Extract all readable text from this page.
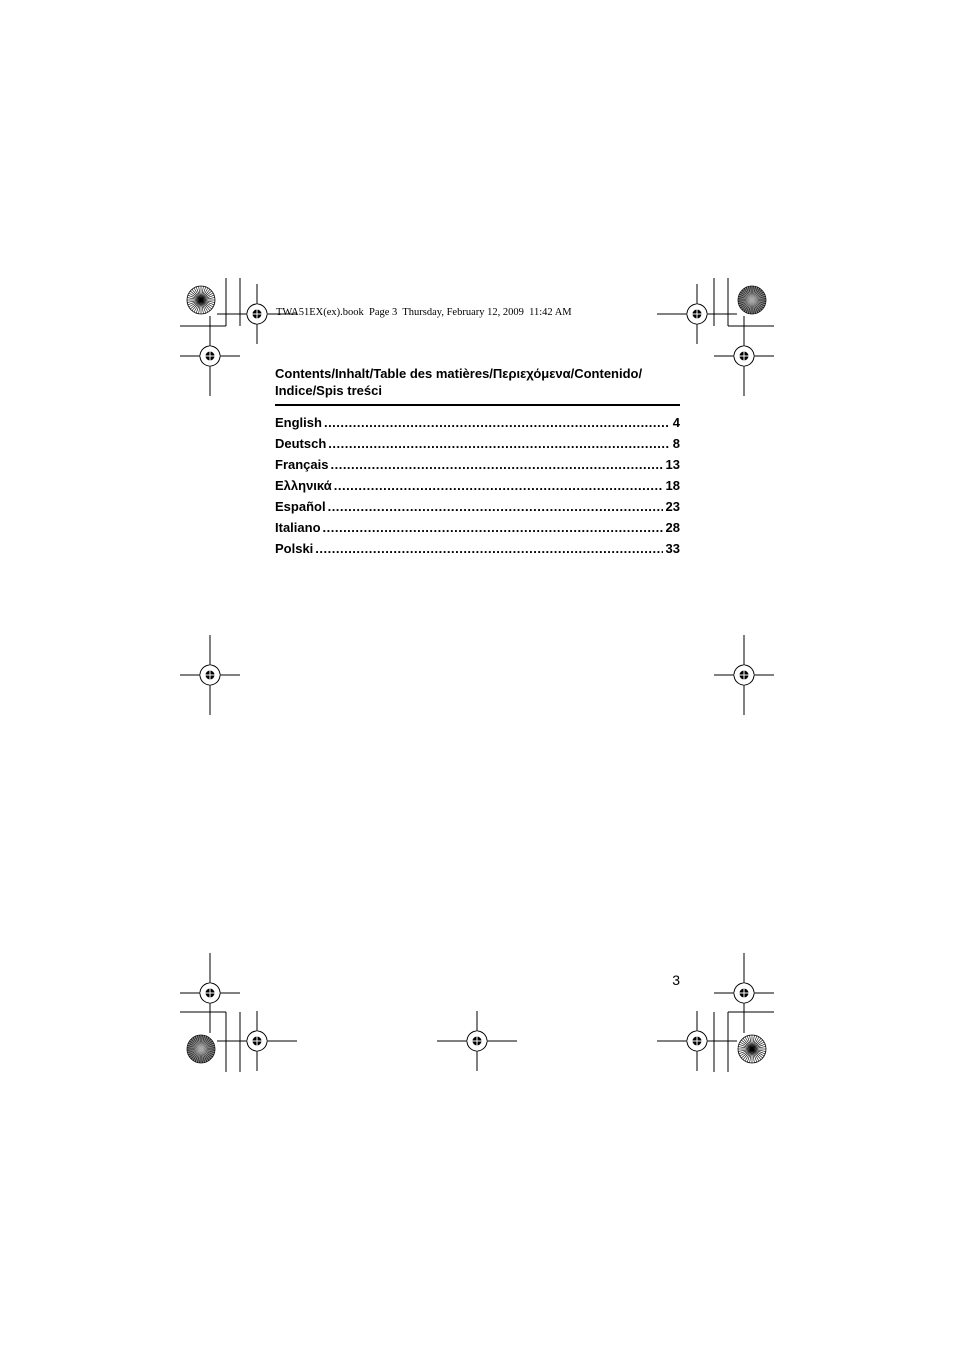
TWA51EX(ex).book  Page 3  Thursday, February 12, 2009  11:42 AM
Contents/Inhalt/Table des matières/Περιεχόμενα/Contenido/
Indice/Spis treści
English .....	4
Deutsch .....	8
Français .....	13
Ελληνικά .....	18
Español .....	23
Italiano .....	28
Polski .....	33
3
